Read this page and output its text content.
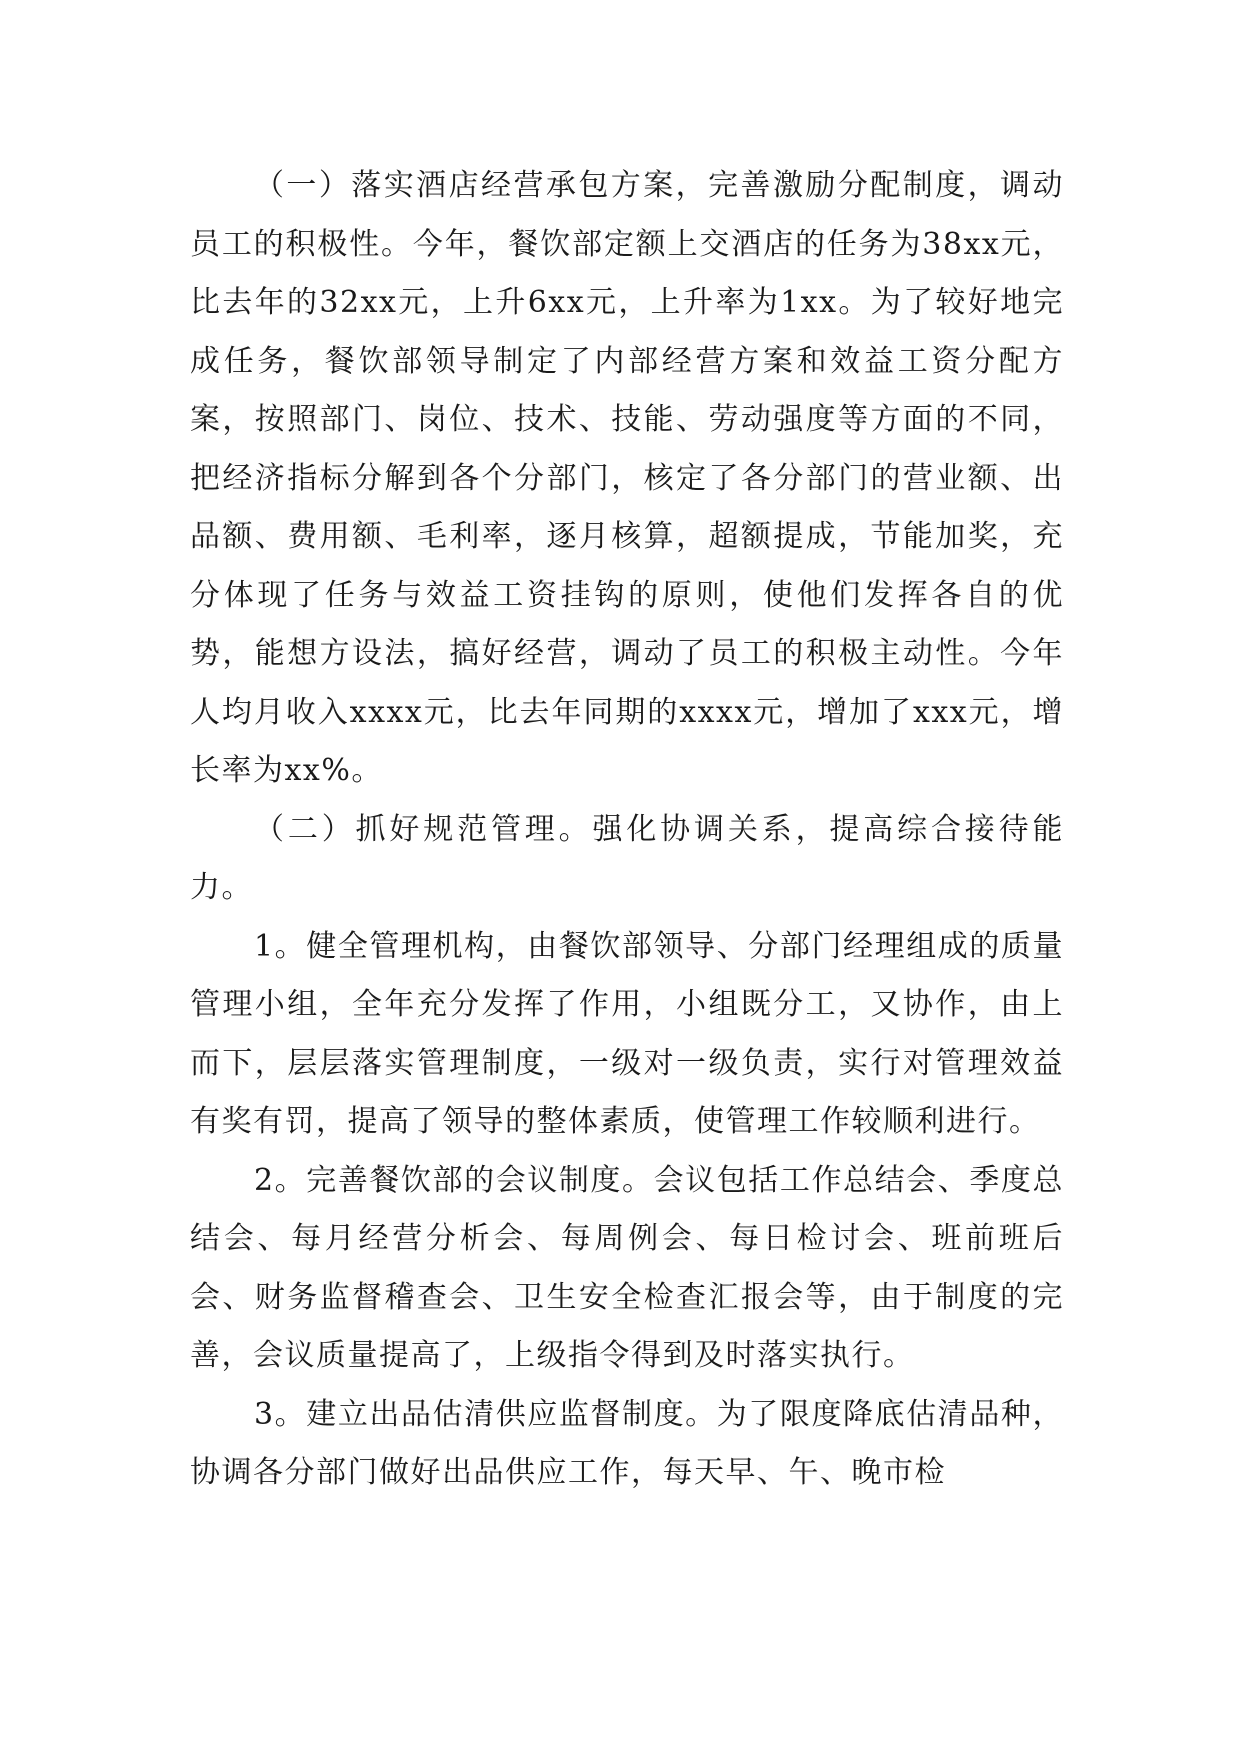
（一）落实酒店经营承包方案，完善激励分配制度，调动员工的积极性。今年，餐饮部定额上交酒店的任务为38xx元，比去年的32xx元，上升6xx元，上升率为1xx。为了较好地完成任务，餐饮部领导制定了内部经营方案和效益工资分配方案，按照部门、岗位、技术、技能、劳动强度等方面的不同，把经济指标分解到各个分部门，核定了各分部门的营业额、出品额、费用额、毛利率，逐月核算，超额提成，节能加奖，充分体现了任务与效益工资挂钩的原则，使他们发挥各自的优势，能想方设法，搞好经营，调动了员工的积极主动性。今年人均月收入xxxx元，比去年同期的xxxx元，增加了xxx元，增长率为xx%。

（二）抓好规范管理。强化协调关系，提高综合接待能力。

1。健全管理机构，由餐饮部领导、分部门经理组成的质量管理小组，全年充分发挥了作用，小组既分工，又协作，由上而下，层层落实管理制度，一级对一级负责，实行对管理效益有奖有罚，提高了领导的整体素质，使管理工作较顺利进行。

2。完善餐饮部的会议制度。会议包括工作总结会、季度总结会、每月经营分析会、每周例会、每日检讨会、班前班后会、财务监督稽查会、卫生安全检查汇报会等，由于制度的完善，会议质量提高了，上级指令得到及时落实执行。

3。建立出品估清供应监督制度。为了限度降底估清品种，协调各分部门做好出品供应工作，每天早、午、晚市检
